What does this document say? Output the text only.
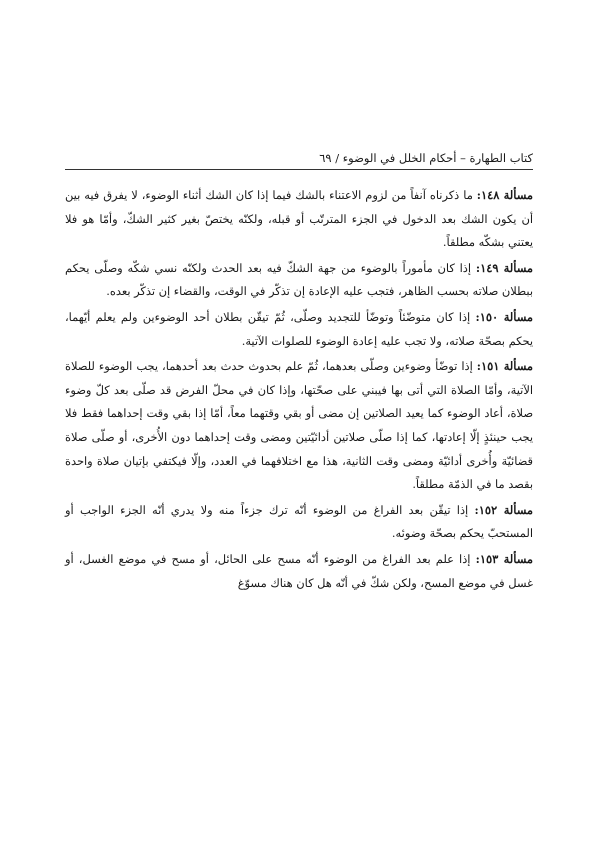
كتاب الطهارة – أحكام الخلل في الوضوء / ٦٩

مسألة ١٤٨: ما ذكرناه آنفاً من لزوم الاعتناء بالشك فيما إذا كان الشك أثناء الوضوء، لا يفرق فيه بين أن يكون الشك بعد الدخول في الجزء المترتّب أو قبله، ولكنّه يختصّ بغير كثير الشكّ، وأمّا هو فلا يعتني بشكّه مطلقاً.

مسألة ١٤٩: إذا كان مأموراً بالوضوء من جهة الشكّ فيه بعد الحدث ولكنّه نسي شكّه وصلّى يحكم ببطلان صلاته بحسب الظاهر، فتجب عليه الإعادة إن تذكّر في الوقت، والقضاء إن تذكّر بعده.

مسألة ١٥٠: إذا كان متوضّئاً وتوضّأ للتجديد وصلّى، ثُمّ تيقّن بطلان أحد الوضوءين ولم يعلم أيّهما، يحكم بصحّة صلاته، ولا تجب عليه إعادة الوضوء للصلوات الآتية.

مسألة ١٥١: إذا توضّأ وضوءين وصلّى بعدهما، ثُمّ علم بحدوث حدث بعد أحدهما، يجب الوضوء للصلاة الآتية، وأمّا الصلاة التي أتى بها فيبني على صحّتها، وإذا كان في محلّ الفرض قد صلّى بعد كلّ وضوء صلاة، أعاد الوضوء كما يعيد الصلاتين إن مضى أو بقي وقتهما معاً، أمّا إذا بقي وقت إحداهما فقط فلا يجب حينئذٍ إلّا إعادتها، كما إذا صلّى صلاتين أدائيّتين ومضى وقت إحداهما دون الأُخرى، أو صلّى صلاة قضائيّة وأُخرى أدائيّة ومضى وقت الثانية، هذا مع اختلافهما في العدد، وإلّا فيكتفي بإتيان صلاة واحدة بقصد ما في الذمّة مطلقاً.

مسألة ١٥٢: إذا تيقّن بعد الفراغ من الوضوء أنّه ترك جزءاً منه ولا يدري أنّه الجزء الواجب أو المستحبّ يحكم بصحّة وضوئه.

مسألة ١٥٣: إذا علم بعد الفراغ من الوضوء أنّه مسح على الحائل، أو مسح في موضع الغسل، أو غسل في موضع المسح، ولكن شكّ في أنّه هل كان هناك مسوّغ
